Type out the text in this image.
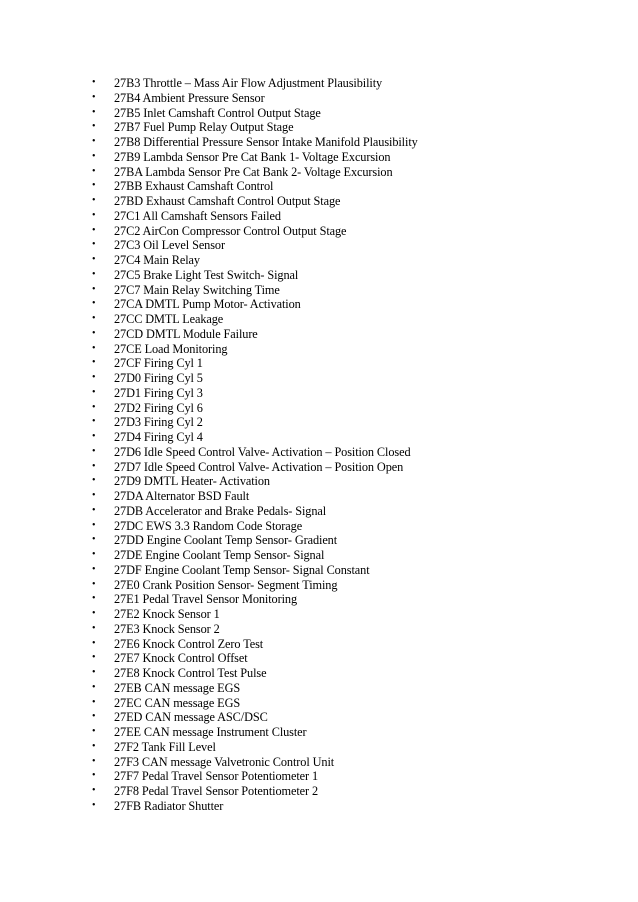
•	27B3 Throttle – Mass Air Flow Adjustment Plausibility
•	27B4 Ambient Pressure Sensor
•	27B5 Inlet Camshaft Control Output Stage
•	27B7 Fuel Pump Relay Output Stage
•	27B8 Differential Pressure Sensor Intake Manifold Plausibility
•	27B9 Lambda Sensor Pre Cat Bank 1- Voltage Excursion
•	27BA Lambda Sensor Pre Cat Bank 2- Voltage Excursion
•	27BB Exhaust Camshaft Control
•	27BD Exhaust Camshaft Control Output Stage
•	27C1 All Camshaft Sensors Failed
•	27C2 AirCon Compressor Control Output Stage
•	27C3 Oil Level Sensor
•	27C4 Main Relay
•	27C5 Brake Light Test Switch- Signal
•	27C7 Main Relay Switching Time
•	27CA DMTL Pump Motor- Activation
•	27CC DMTL Leakage
•	27CD DMTL Module Failure
•	27CE Load Monitoring
•	27CF Firing Cyl 1
•	27D0 Firing Cyl 5
•	27D1 Firing Cyl 3
•	27D2 Firing Cyl 6
•	27D3 Firing Cyl 2
•	27D4 Firing Cyl 4
•	27D6 Idle Speed Control Valve- Activation – Position Closed
•	27D7 Idle Speed Control Valve- Activation – Position Open
•	27D9 DMTL Heater- Activation
•	27DA Alternator BSD Fault
•	27DB Accelerator and Brake Pedals- Signal
•	27DC EWS 3.3 Random Code Storage
•	27DD Engine Coolant Temp Sensor- Gradient
•	27DE Engine Coolant Temp Sensor- Signal
•	27DF Engine Coolant Temp Sensor- Signal Constant
•	27E0 Crank Position Sensor- Segment Timing
•	27E1 Pedal Travel Sensor Monitoring
•	27E2 Knock Sensor 1
•	27E3 Knock Sensor 2
•	27E6 Knock Control Zero Test
•	27E7 Knock Control Offset
•	27E8 Knock Control Test Pulse
•	27EB CAN message EGS
•	27EC CAN message EGS
•	27ED CAN message ASC/DSC
•	27EE CAN message Instrument Cluster
•	27F2 Tank Fill Level
•	27F3 CAN message Valvetronic Control Unit
•	27F7 Pedal Travel Sensor Potentiometer 1
•	27F8 Pedal Travel Sensor Potentiometer 2
•	27FB Radiator Shutter
